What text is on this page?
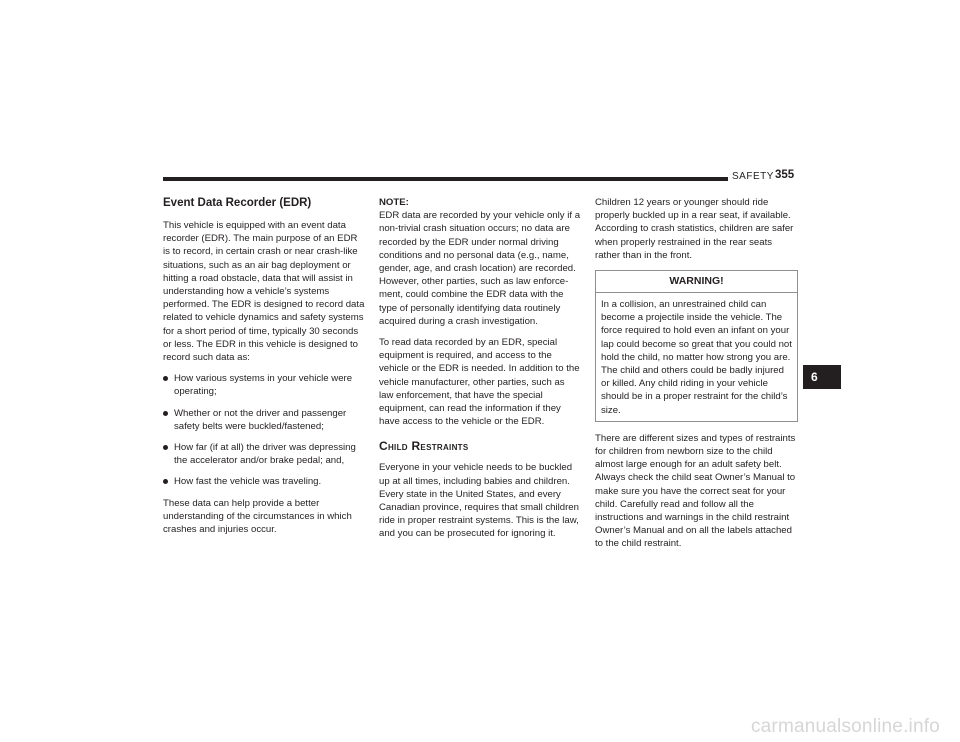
SAFETY 355
Event Data Recorder (EDR)

This vehicle is equipped with an event data recorder (EDR). The main purpose of an EDR is to record, in certain crash or near crash-like situations, such as an air bag deployment or hitting a road obstacle, data that will assist in understanding how a vehicle’s systems performed. The EDR is designed to record data related to vehicle dynamics and safety systems for a short period of time, typically 30 seconds or less. The EDR in this vehicle is designed to record such data as:

How various systems in your vehicle were operating;
Whether or not the driver and passenger safety belts were buckled/fastened;
How far (if at all) the driver was depressing the accelerator and/or brake pedal; and,
How fast the vehicle was traveling.

These data can help provide a better understanding of the circumstances in which crashes and injuries occur.

NOTE:
EDR data are recorded by your vehicle only if a non-trivial crash situation occurs; no data are recorded by the EDR under normal driving conditions and no personal data (e.g., name, gender, age, and crash location) are recorded. However, other parties, such as law enforce-ment, could combine the EDR data with the type of personally identifying data routinely acquired during a crash investigation.

To read data recorded by an EDR, special equipment is required, and access to the vehicle or the EDR is needed. In addition to the vehicle manufacturer, other parties, such as law enforcement, that have the special equipment, can read the information if they have access to the vehicle or the EDR.

Child Restraints

Everyone in your vehicle needs to be buckled up at all times, including babies and children. Every state in the United States, and every Canadian province, requires that small children ride in proper restraint systems. This is the law, and you can be prosecuted for ignoring it.

Children 12 years or younger should ride properly buckled up in a rear seat, if available. According to crash statistics, children are safer when properly restrained in the rear seats rather than in the front.

WARNING!

In a collision, an unrestrained child can become a projectile inside the vehicle. The force required to hold even an infant on your lap could become so great that you could not hold the child, no matter how strong you are. The child and others could be badly injured or killed. Any child riding in your vehicle should be in a proper restraint for the child’s size.

There are different sizes and types of restraints for children from newborn size to the child almost large enough for an adult safety belt. Always check the child seat Owner’s Manual to make sure you have the correct seat for your child. Carefully read and follow all the instructions and warnings in the child restraint Owner’s Manual and on all the labels attached to the child restraint.

6
carmanualsonline.info
